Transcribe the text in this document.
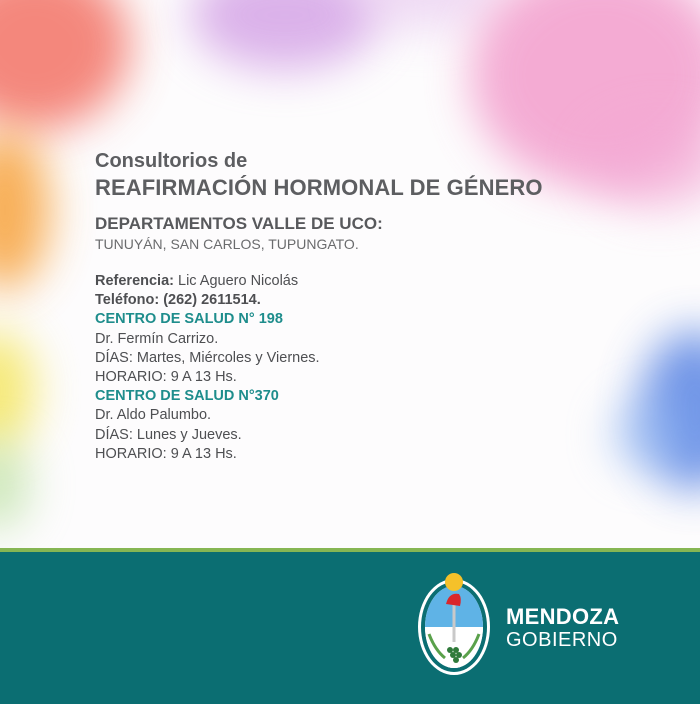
Consultorios de
REAFIRMACIÓN HORMONAL DE GÉNERO
DEPARTAMENTOS VALLE DE UCO:
TUNUYÁN, SAN CARLOS, TUPUNGATO.
Referencia: Lic Aguero Nicolás
Teléfono: (262) 2611514.
CENTRO DE SALUD N° 198
Dr. Fermín Carrizo.
DÍAS: Martes, Miércoles y Viernes.
HORARIO: 9 A 13 Hs.
CENTRO DE SALUD N°370
Dr. Aldo Palumbo.
DÍAS: Lunes y Jueves.
HORARIO: 9 A 13 Hs.
MENDOZA
GOBIERNO
